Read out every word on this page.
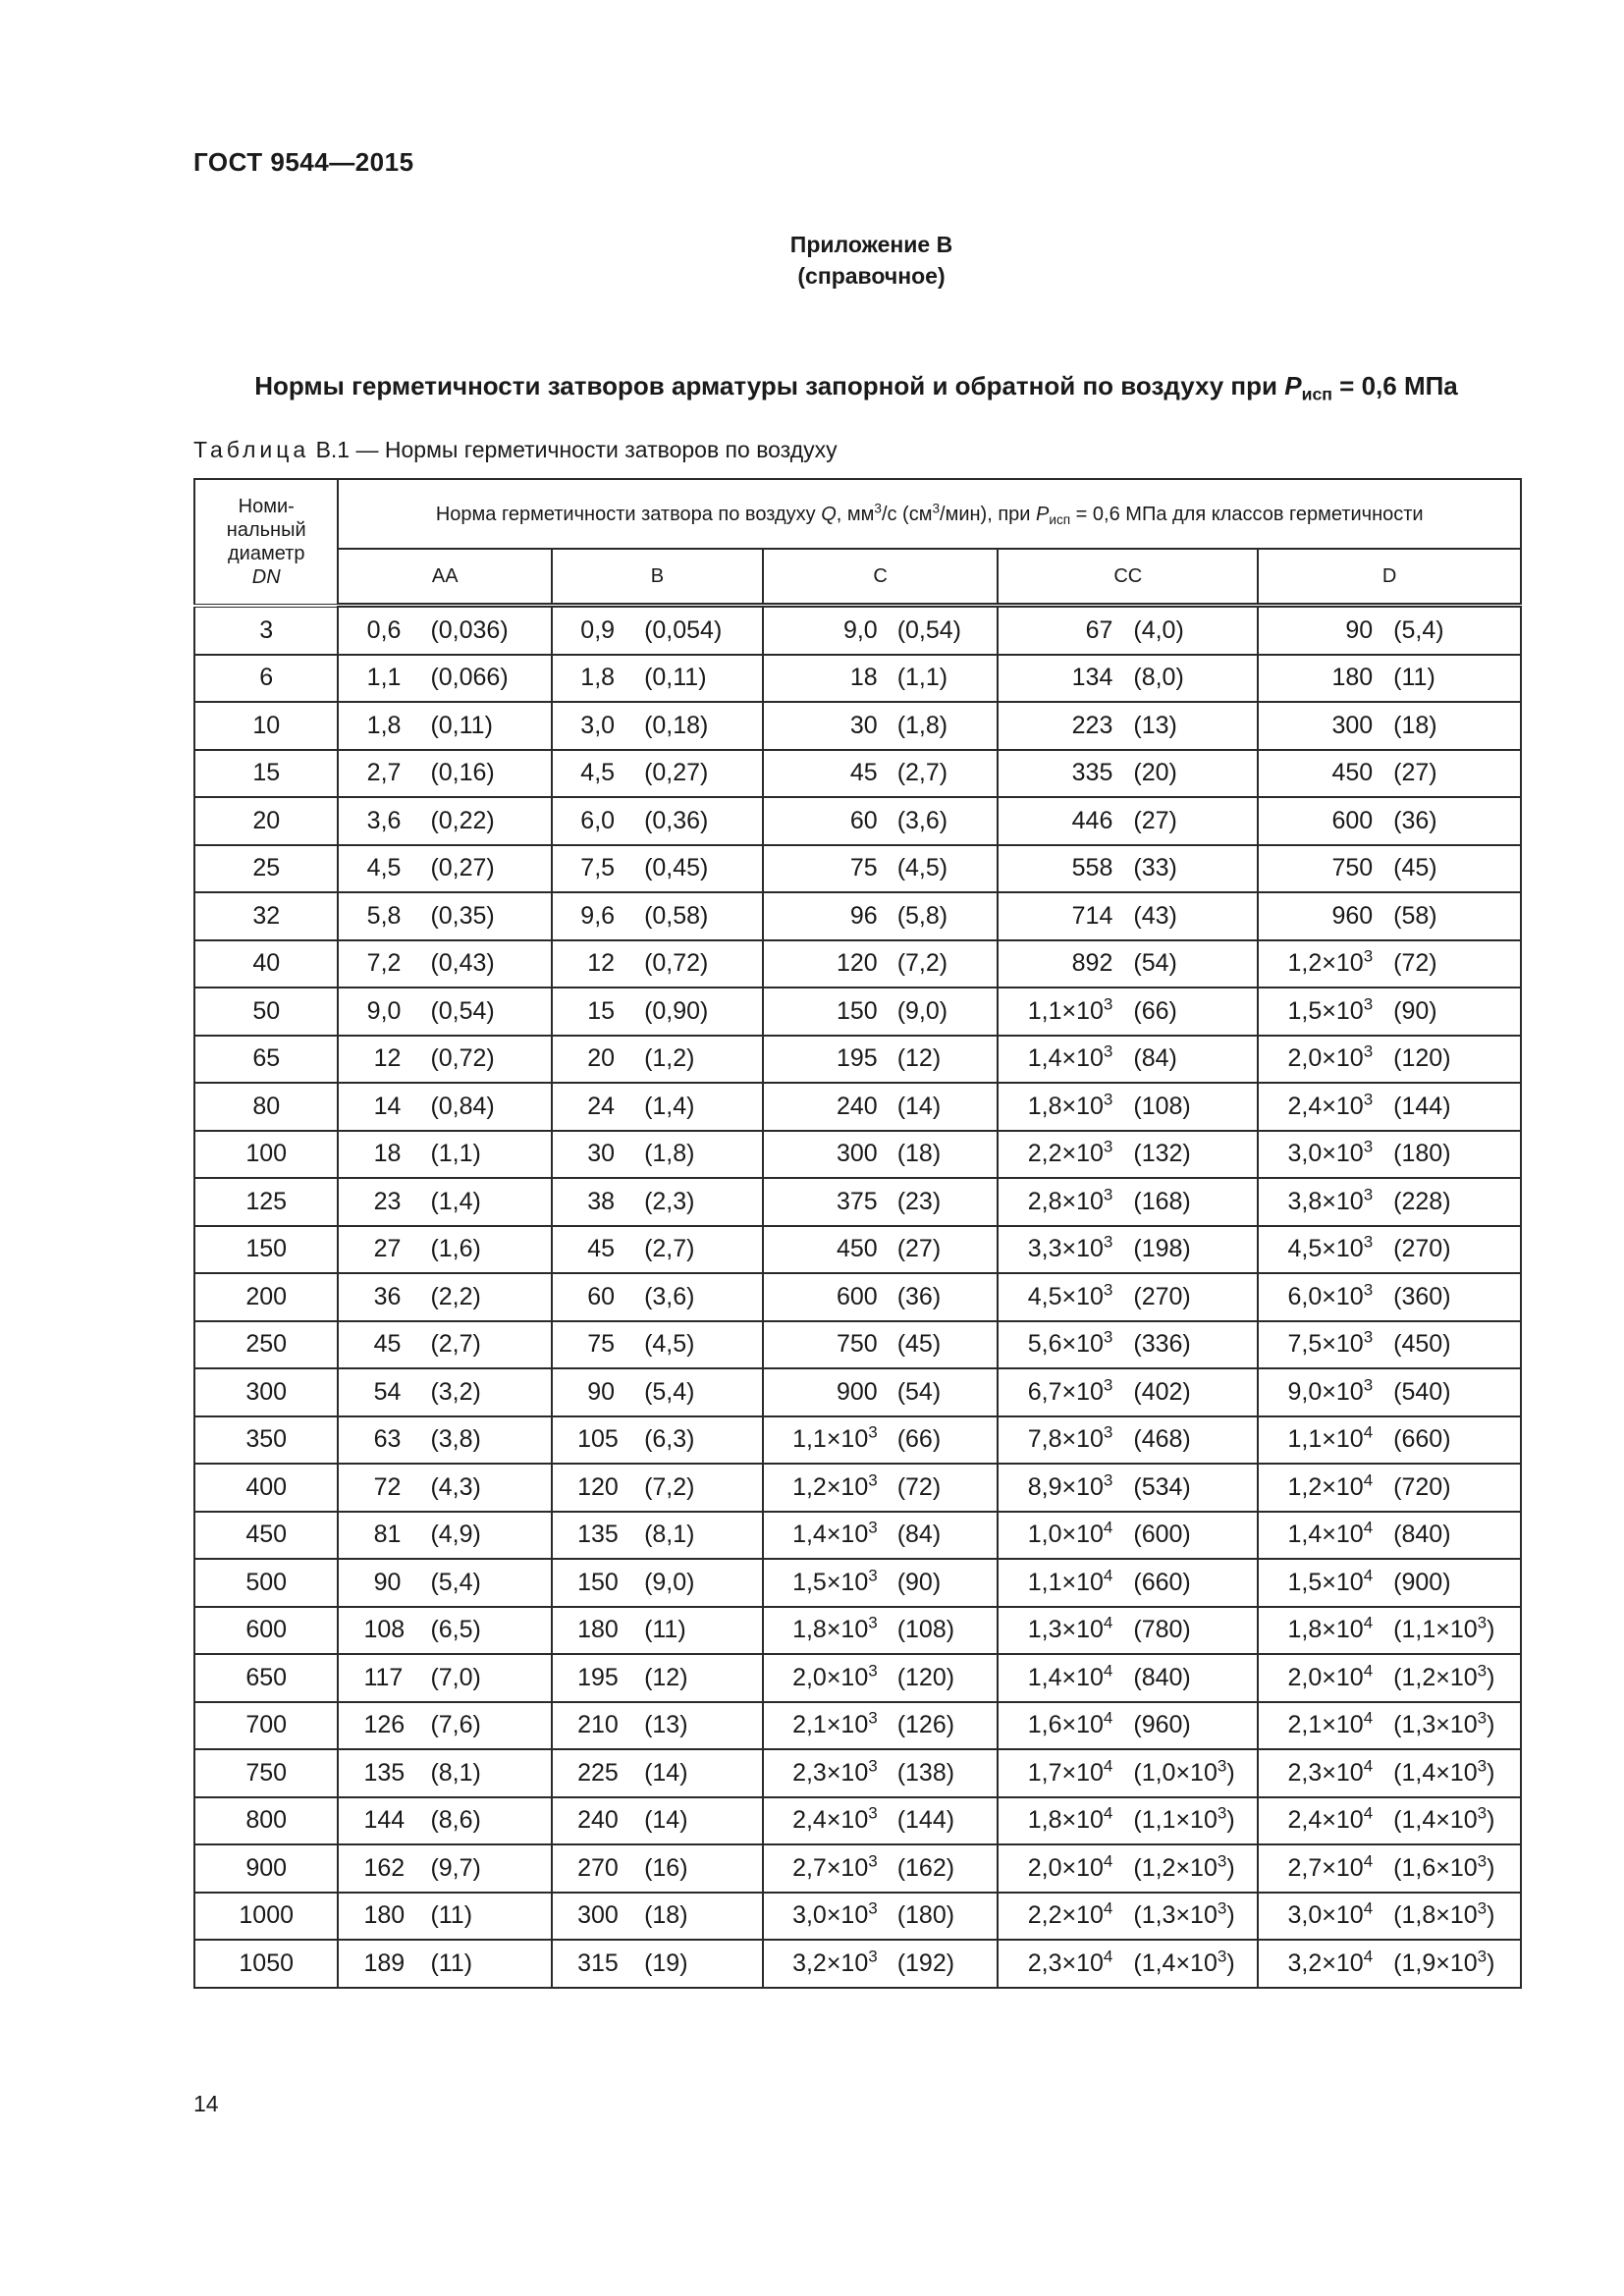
ГОСТ 9544—2015
Приложение В
(справочное)
Нормы герметичности затворов арматуры запорной и обратной по воздуху при $P_{исп} = 0,6$ МПа
Таблица В.1 — Нормы герметичности затворов по воздуху
Номи-
нальный
диаметр
DN	Норма герметичности затвора по воздуху Q, $мм^3/с$ $(см^3/мин)$, при $P_{исп} = 0,6$ МПа для классов герметичности				
	АА	В	С	СС	D
3	0,6 (0,036)	0,9 (0,054)	9,0 (0,54)	67 (4,0)	90 (5,4)

6	1,1 (0,066)	1,8 (0,11)	18 (1,1)	134 (8,0)	180 (11)

10	1,8 (0,11)	3,0 (0,18)	30 (1,8)	223 (13)	300 (18)

15	2,7 (0,16)	4,5 (0,27)	45 (2,7)	335 (20)	450 (27)

20	3,6 (0,22)	6,0 (0,36)	60 (3,6)	446 (27)	600 (36)

25	4,5 (0,27)	7,5 (0,45)	75 (4,5)	558 (33)	750 (45)

32	5,8 (0,35)	9,6 (0,58)	96 (5,8)	714 (43)	960 (58)

40	7,2 (0,43)	12 (0,72)	120 (7,2)	892 (54)	$1,2\times 10^3$ (72)

50	9,0 (0,54)	15 (0,90)	150 (9,0)	$1,1\times 10^3$ (66)	$1,5\times 10^3$ (90)

65	12 (0,72)	20 (1,2)	195 (12)	$1,4\times 10^3$ (84)	$2,0\times 10^3$ (120)

80	14 (0,84)	24 (1,4)	240 (14)	$1,8\times 10^3$ (108)	$2,4\times 10^3$ (144)

100	18 (1,1)	30 (1,8)	300 (18)	$2,2\times 10^3$ (132)	$3,0\times 10^3$ (180)

125	23 (1,4)	38 (2,3)	375 (23)	$2,8\times 10^3$ (168)	$3,8\times 10^3$ (228)

150	27 (1,6)	45 (2,7)	450 (27)	$3,3\times 10^3$ (198)	$4,5\times 10^3$ (270)

200	36 (2,2)	60 (3,6)	600 (36)	$4,5\times 10^3$ (270)	$6,0\times 10^3$ (360)

250	45 (2,7)	75 (4,5)	750 (45)	$5,6\times 10^3$ (336)	$7,5\times 10^3$ (450)

300	54 (3,2)	90 (5,4)	900 (54)	$6,7\times 10^3$ (402)	$9,0\times 10^3$ (540)

350	63 (3,8)	105 (6,3)	$1,1\times 10^3$ (66)	$7,8\times 10^3$ (468)	$1,1\times 10^4$ (660)

400	72 (4,3)	120 (7,2)	$1,2\times 10^3$ (72)	$8,9\times 10^3$ (534)	$1,2\times 10^4$ (720)

450	81 (4,9)	135 (8,1)	$1,4\times 10^3$ (84)	$1,0\times 10^4$ (600)	$1,4\times 10^4$ (840)

500	90 (5,4)	150 (9,0)	$1,5\times 10^3$ (90)	$1,1\times 10^4$ (660)	$1,5\times 10^4$ (900)

600	108 (6,5)	180 (11)	$1,8\times 10^3$ (108)	$1,3\times 10^4$ (780)	$1,8\times 10^4$ $(1,1\times 10^3)$

650	117 (7,0)	195 (12)	$2,0\times 10^3$ (120)	$1,4\times 10^4$ (840)	$2,0\times 10^4$ $(1,2\times 10^3)$

700	126 (7,6)	210 (13)	$2,1\times 10^3$ (126)	$1,6\times 10^4$ (960)	$2,1\times 10^4$ $(1,3\times 10^3)$

750	135 (8,1)	225 (14)	$2,3\times 10^3$ (138)	$1,7\times 10^4$ $(1,0\times 10^3)$	$2,3\times 10^4$ $(1,4\times 10^3)$

800	144 (8,6)	240 (14)	$2,4\times 10^3$ (144)	$1,8\times 10^4$ $(1,1\times 10^3)$	$2,4\times 10^4$ $(1,4\times 10^3)$

900	162 (9,7)	270 (16)	$2,7\times 10^3$ (162)	$2,0\times 10^4$ $(1,2\times 10^3)$	$2,7\times 10^4$ $(1,6\times 10^3)$

1000	180 (11)	300 (18)	$3,0\times 10^3$ (180)	$2,2\times 10^4$ $(1,3\times 10^3)$	$3,0\times 10^4$ $(1,8\times 10^3)$

1050	189 (11)	315 (19)	$3,2\times 10^3$ (192)	$2,3\times 10^4$ $(1,4\times 10^3)$	$3,2\times 10^4$ $(1,9\times 10^3)$
14
